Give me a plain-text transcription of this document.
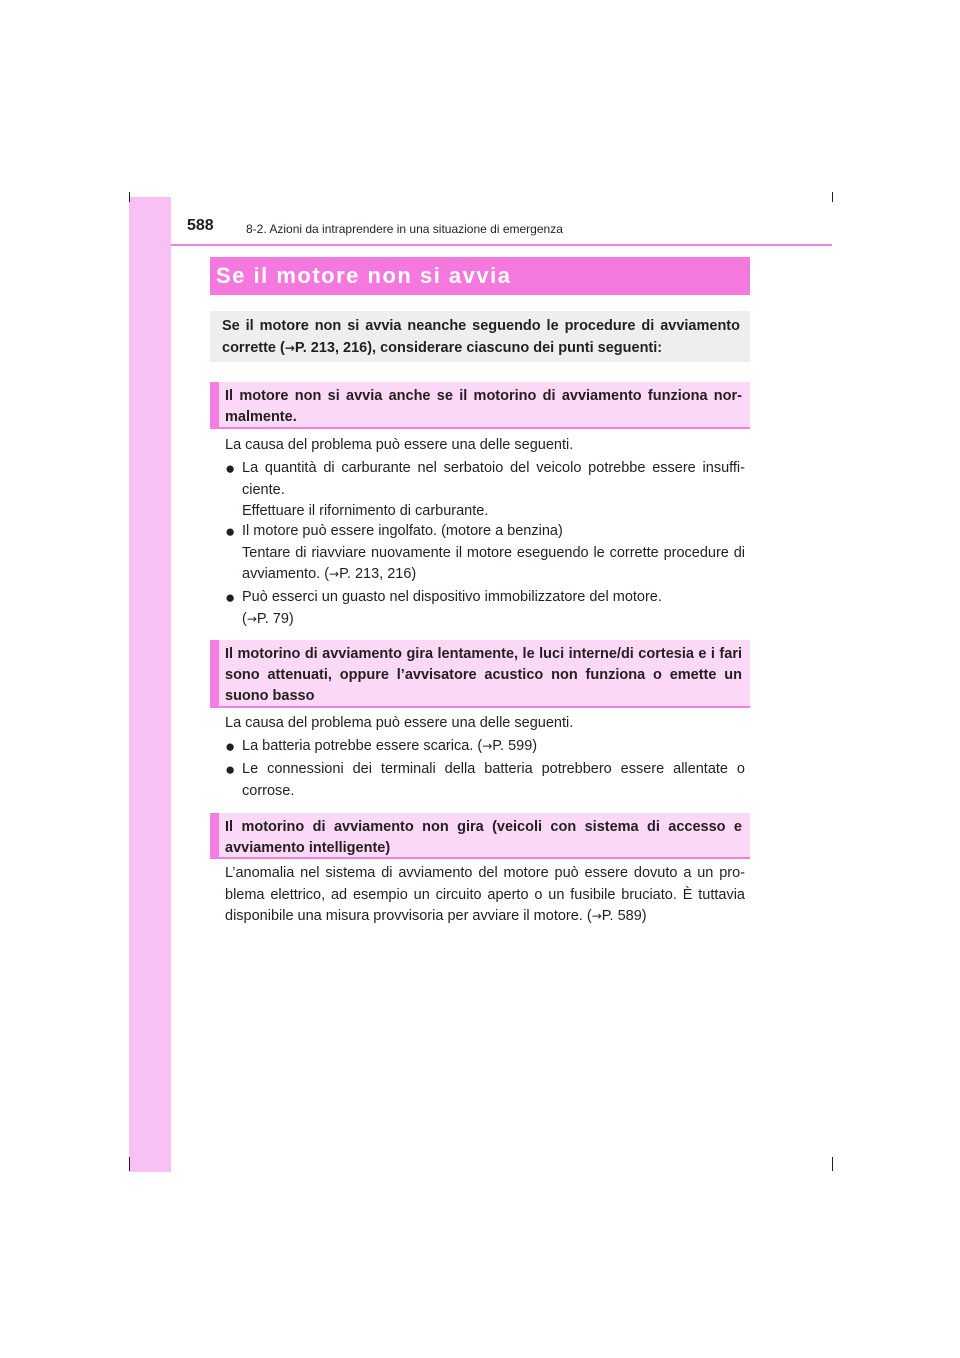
588	8-2. Azioni da intraprendere in una situazione di emergenza
Se il motore non si avvia
Se il motore non si avvia neanche seguendo le procedure di avviamento corrette (→P. 213, 216), considerare ciascuno dei punti seguenti:
Il motore non si avvia anche se il motorino di avviamento funziona nor-malmente.
La causa del problema può essere una delle seguenti.
● La quantità di carburante nel serbatoio del veicolo potrebbe essere insuffi-ciente.
Effettuare il rifornimento di carburante.
● Il motore può essere ingolfato. (motore a benzina)
Tentare di riavviare nuovamente il motore eseguendo le corrette procedure di avviamento. (→P. 213, 216)
● Può esserci un guasto nel dispositivo immobilizzatore del motore.
(→P. 79)
Il motorino di avviamento gira lentamente, le luci interne/di cortesia e i fari sono attenuati, oppure l’avvisatore acustico non funziona o emette un suono basso
La causa del problema può essere una delle seguenti.
● La batteria potrebbe essere scarica. (→P. 599)
● Le connessioni dei terminali della batteria potrebbero essere allentate o corrose.
Il motorino di avviamento non gira (veicoli con sistema di accesso e avviamento intelligente)
L’anomalia nel sistema di avviamento del motore può essere dovuto a un pro-blema elettrico, ad esempio un circuito aperto o un fusibile bruciato. È tuttavia disponibile una misura provvisoria per avviare il motore. (→P. 589)
